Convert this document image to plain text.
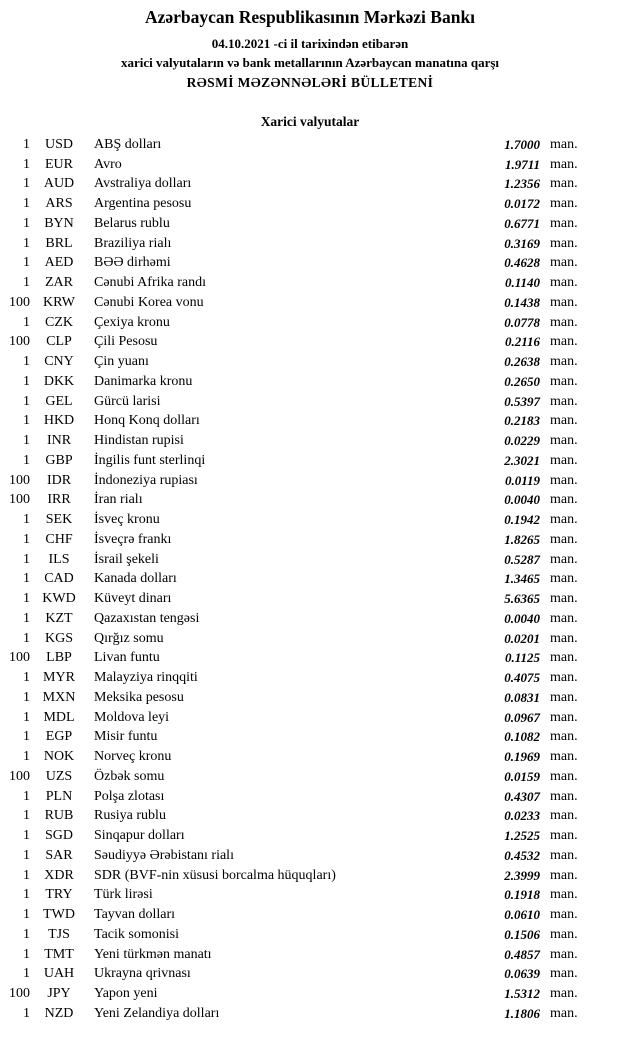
Azərbaycan Respublikasının Mərkəzi Bankı
04.10.2021 -ci il tarixindən etibarən
xarici valyutaların və bank metallarının Azərbaycan manatına qarşı
RƏSMİ MƏZƏNNƏLƏRİ BÜLLETENİ
Xarici valyutalar
1	USD	ABŞ dolları	1.7000	man.
1	EUR	Avro	1.9711	man.
1	AUD	Avstraliya dolları	1.2356	man.
1	ARS	Argentina pesosu	0.0172	man.
1	BYN	Belarus rublu	0.6771	man.
1	BRL	Braziliya rialı	0.3169	man.
1	AED	BƏƏ dirhəmi	0.4628	man.
1	ZAR	Cənubi Afrika randı	0.1140	man.
100	KRW	Cənubi Korea vonu	0.1438	man.
1	CZK	Çexiya kronu	0.0778	man.
100	CLP	Çili Pesosu	0.2116	man.
1	CNY	Çin yuanı	0.2638	man.
1	DKK	Danimarka kronu	0.2650	man.
1	GEL	Gürcü larisi	0.5397	man.
1	HKD	Honq Konq dolları	0.2183	man.
1	INR	Hindistan rupisi	0.0229	man.
1	GBP	İngilis funt sterlinqi	2.3021	man.
100	IDR	İndoneziya rupiası	0.0119	man.
100	IRR	İran rialı	0.0040	man.
1	SEK	İsveç kronu	0.1942	man.
1	CHF	İsveçrə frankı	1.8265	man.
1	ILS	İsrail şekeli	0.5287	man.
1	CAD	Kanada dolları	1.3465	man.
1	KWD	Küveyt dinarı	5.6365	man.
1	KZT	Qazaxıstan tengəsi	0.0040	man.
1	KGS	Qırğız somu	0.0201	man.
100	LBP	Livan funtu	0.1125	man.
1	MYR	Malayziya rinqqiti	0.4075	man.
1	MXN	Meksika pesosu	0.0831	man.
1	MDL	Moldova leyi	0.0967	man.
1	EGP	Misir funtu	0.1082	man.
1	NOK	Norveç kronu	0.1969	man.
100	UZS	Özbək somu	0.0159	man.
1	PLN	Polşa zlotası	0.4307	man.
1	RUB	Rusiya rublu	0.0233	man.
1	SGD	Sinqapur dolları	1.2525	man.
1	SAR	Səudiyyə Ərəbistanı rialı	0.4532	man.
1	XDR	SDR (BVF-nin xüsusi borcalma hüquqları)	2.3999	man.
1	TRY	Türk lirəsi	0.1918	man.
1	TWD	Tayvan dolları	0.0610	man.
1	TJS	Tacik somonisi	0.1506	man.
1	TMT	Yeni türkmən manatı	0.4857	man.
1	UAH	Ukrayna qrivnası	0.0639	man.
100	JPY	Yapon yeni	1.5312	man.
1	NZD	Yeni Zelandiya dolları	1.1806	man.
